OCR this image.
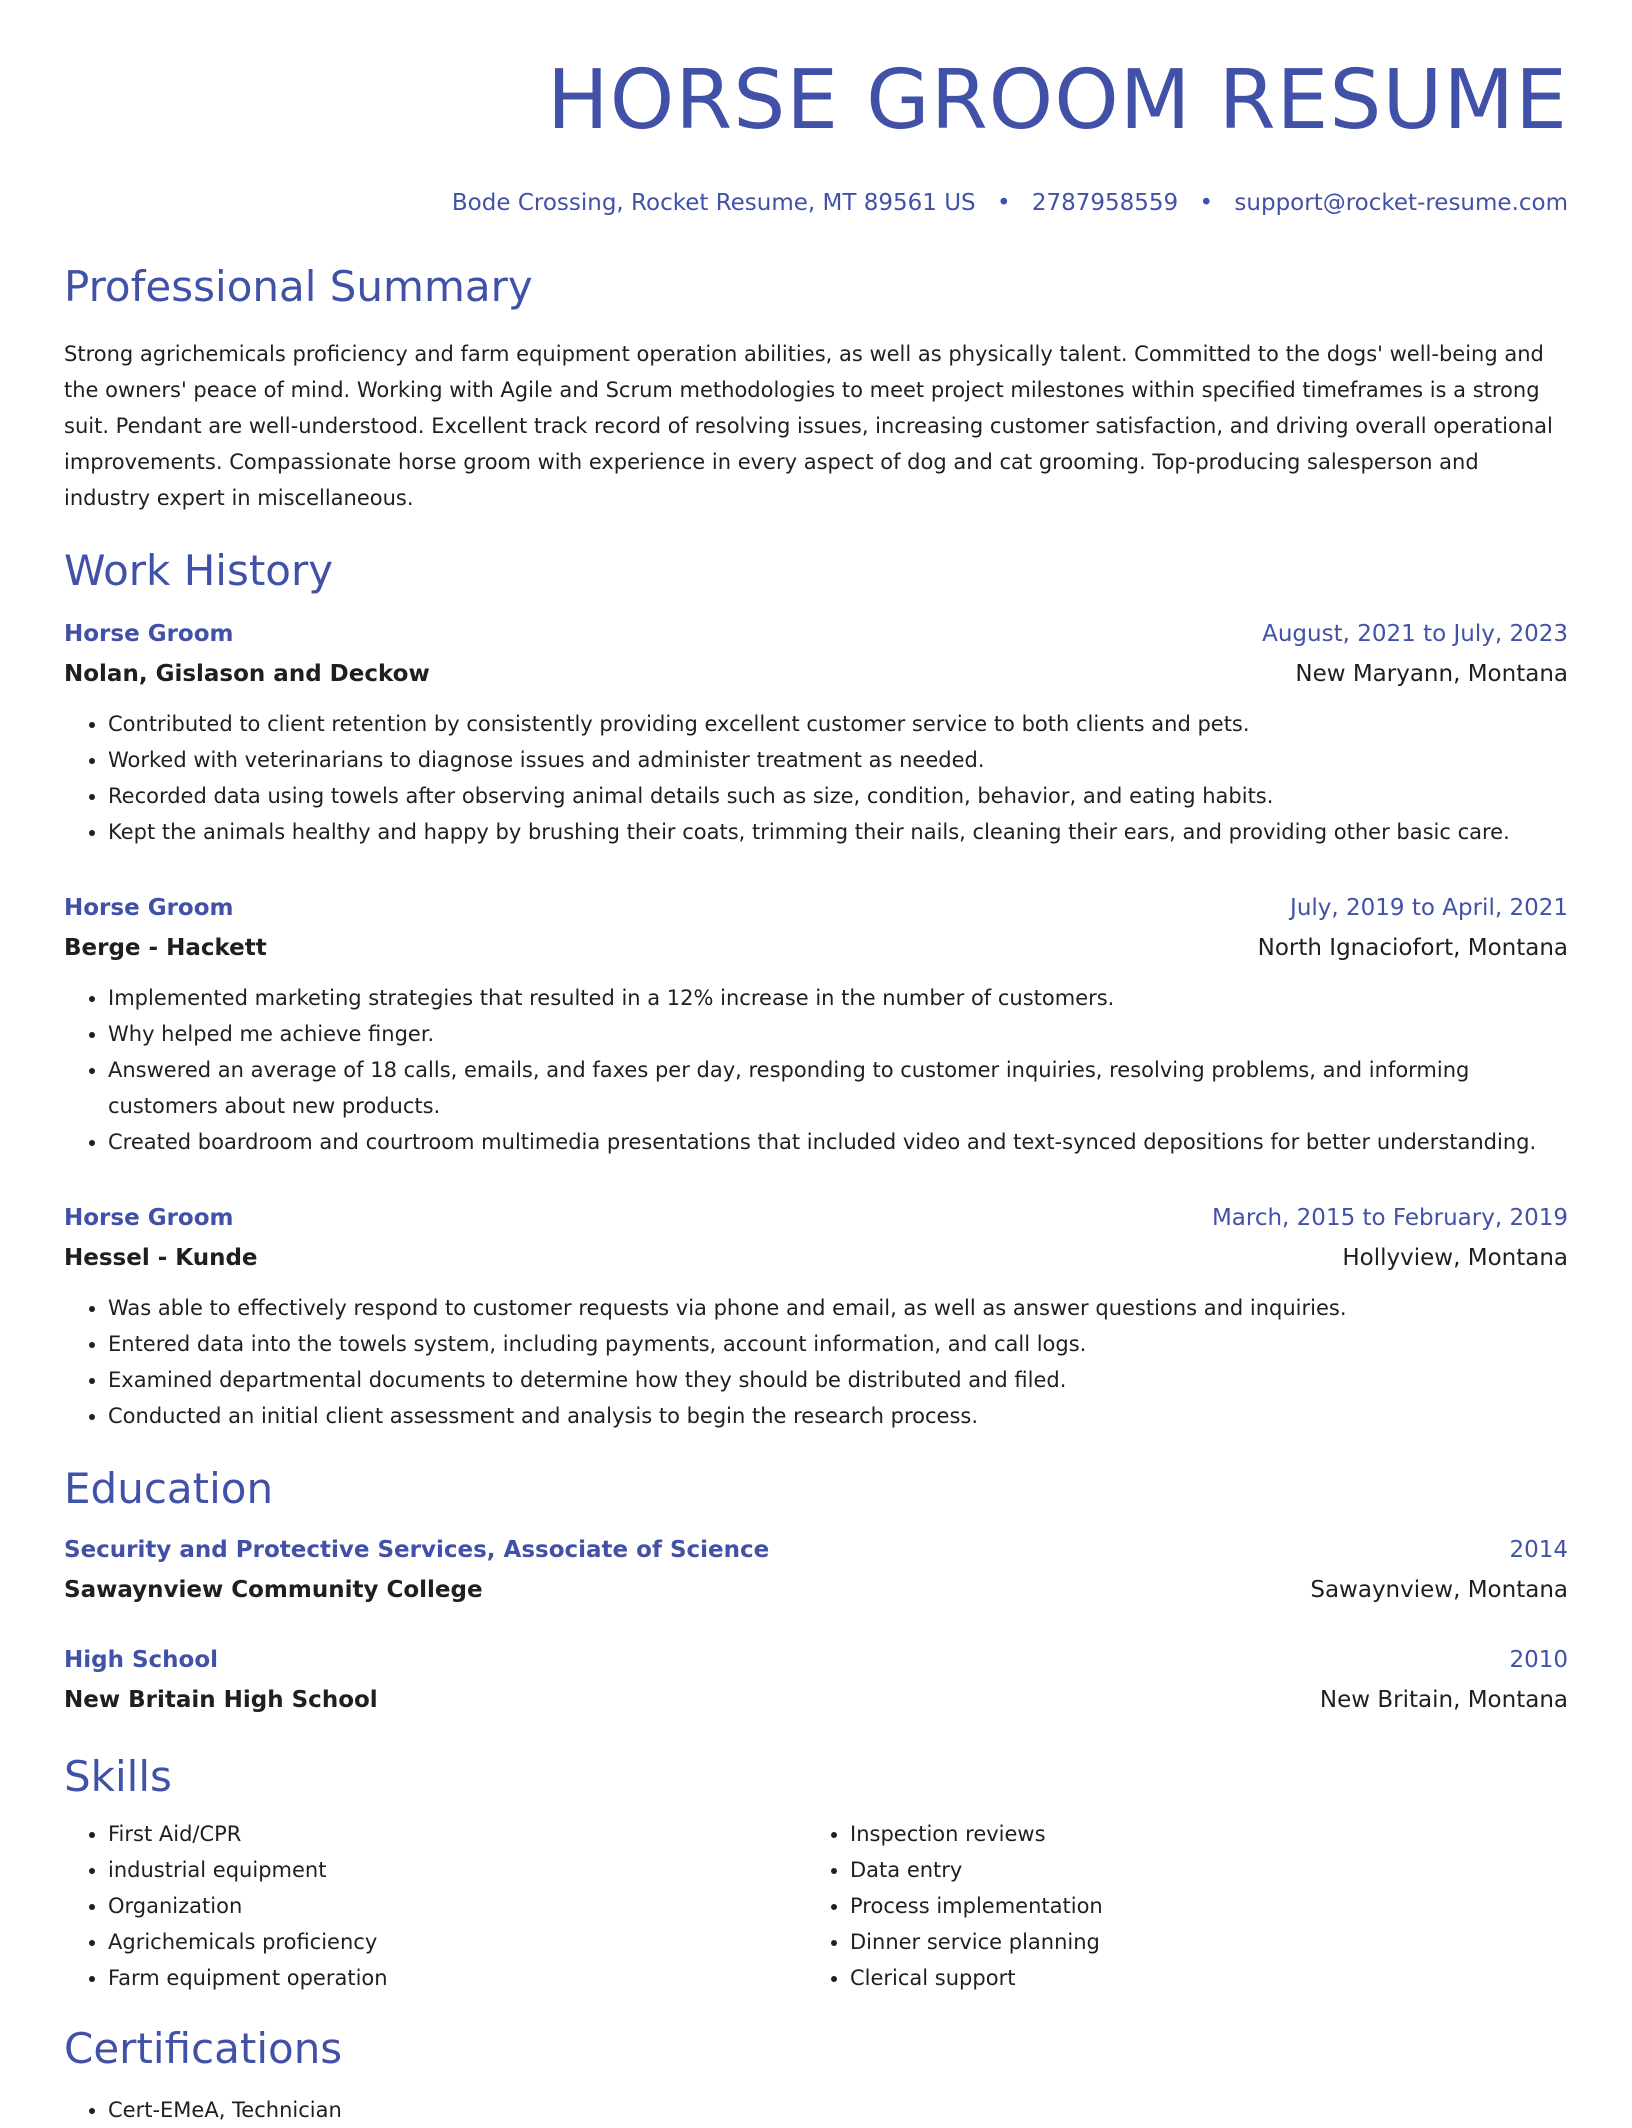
HORSE GROOM RESUME
Bode Crossing, Rocket Resume, MT 89561 US • 2787958559 • support@rocket-resume.com
Professional Summary
Strong agrichemicals proficiency and farm equipment operation abilities, as well as physically talent. Committed to the dogs' well-being and the owners' peace of mind. Working with Agile and Scrum methodologies to meet project milestones within specified timeframes is a strong suit. Pendant are well-understood. Excellent track record of resolving issues, increasing customer satisfaction, and driving overall operational improvements. Compassionate horse groom with experience in every aspect of dog and cat grooming. Top-producing salesperson and industry expert in miscellaneous.
Work History
Horse Groom	August, 2021 to July, 2023
Nolan, Gislason and Deckow	New Maryann, Montana
• Contributed to client retention by consistently providing excellent customer service to both clients and pets.
• Worked with veterinarians to diagnose issues and administer treatment as needed.
• Recorded data using towels after observing animal details such as size, condition, behavior, and eating habits.
• Kept the animals healthy and happy by brushing their coats, trimming their nails, cleaning their ears, and providing other basic care.
Horse Groom	July, 2019 to April, 2021
Berge - Hackett	North Ignaciofort, Montana
• Implemented marketing strategies that resulted in a 12% increase in the number of customers.
• Why helped me achieve finger.
• Answered an average of 18 calls, emails, and faxes per day, responding to customer inquiries, resolving problems, and informing customers about new products.
• Created boardroom and courtroom multimedia presentations that included video and text-synced depositions for better understanding.
Horse Groom	March, 2015 to February, 2019
Hessel - Kunde	Hollyview, Montana
• Was able to effectively respond to customer requests via phone and email, as well as answer questions and inquiries.
• Entered data into the towels system, including payments, account information, and call logs.
• Examined departmental documents to determine how they should be distributed and filed.
• Conducted an initial client assessment and analysis to begin the research process.
Education
Security and Protective Services, Associate of Science	2014
Sawaynview Community College	Sawaynview, Montana
High School	2010
New Britain High School	New Britain, Montana
Skills
• First Aid/CPR
• industrial equipment
• Organization
• Agrichemicals proficiency
• Farm equipment operation
• Inspection reviews
• Data entry
• Process implementation
• Dinner service planning
• Clerical support
Certifications
• Cert-EMeA, Technician
